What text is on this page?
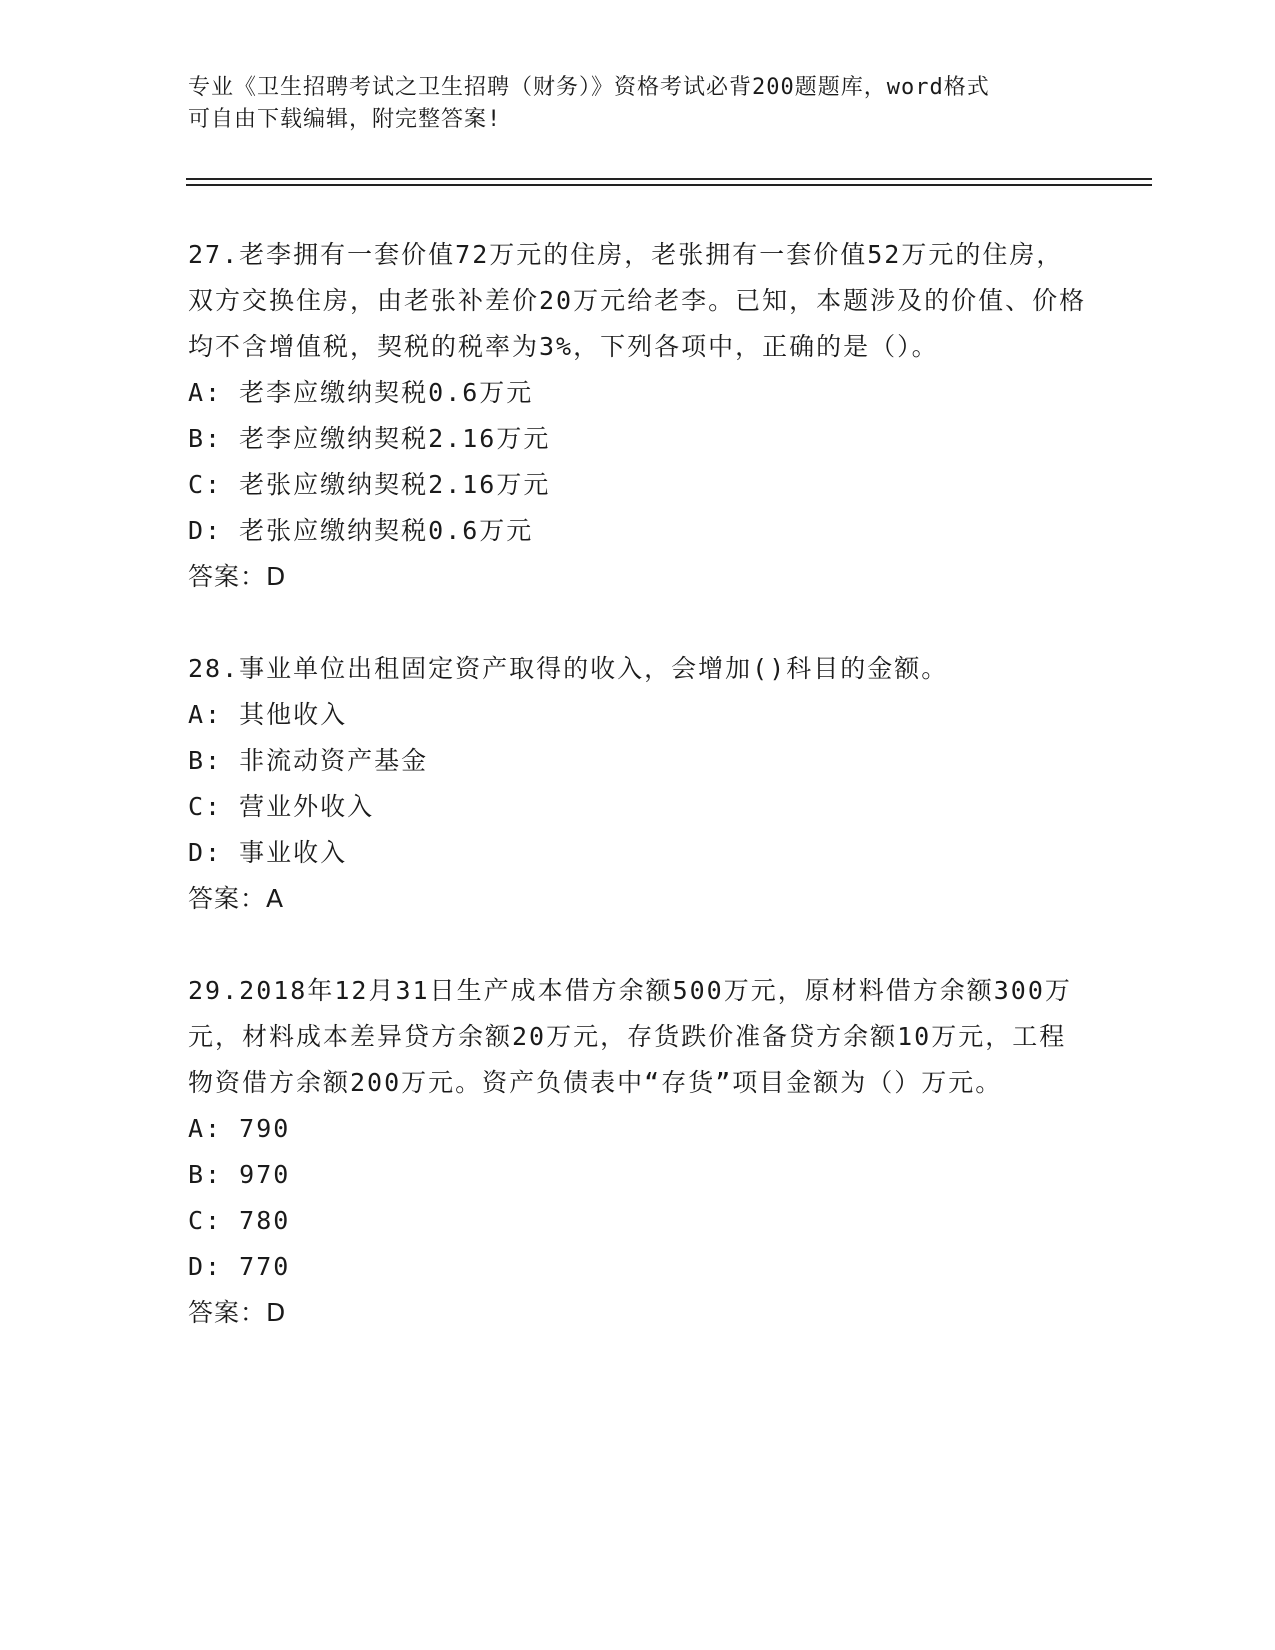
专业《卫生招聘考试之卫生招聘（财务）》资格考试必背200题题库，word格式
可自由下载编辑，附完整答案!
27.老李拥有一套价值72万元的住房，老张拥有一套价值52万元的住房，双方交换住房，由老张补差价20万元给老李。已知，本题涉及的价值、价格均不含增值税，契税的税率为3%，下列各项中，正确的是（）。
A: 老李应缴纳契税0.6万元
B: 老李应缴纳契税2.16万元
C: 老张应缴纳契税2.16万元
D: 老张应缴纳契税0.6万元
答案：D
28.事业单位出租固定资产取得的收入，会增加()科目的金额。
A: 其他收入
B: 非流动资产基金
C: 营业外收入
D: 事业收入
答案：A
29.2018年12月31日生产成本借方余额500万元，原材料借方余额300万元，材料成本差异贷方余额20万元，存货跌价准备贷方余额10万元，工程物资借方余额200万元。资产负债表中“存货”项目金额为（）万元。
A: 790
B: 970
C: 780
D: 770
答案：D
